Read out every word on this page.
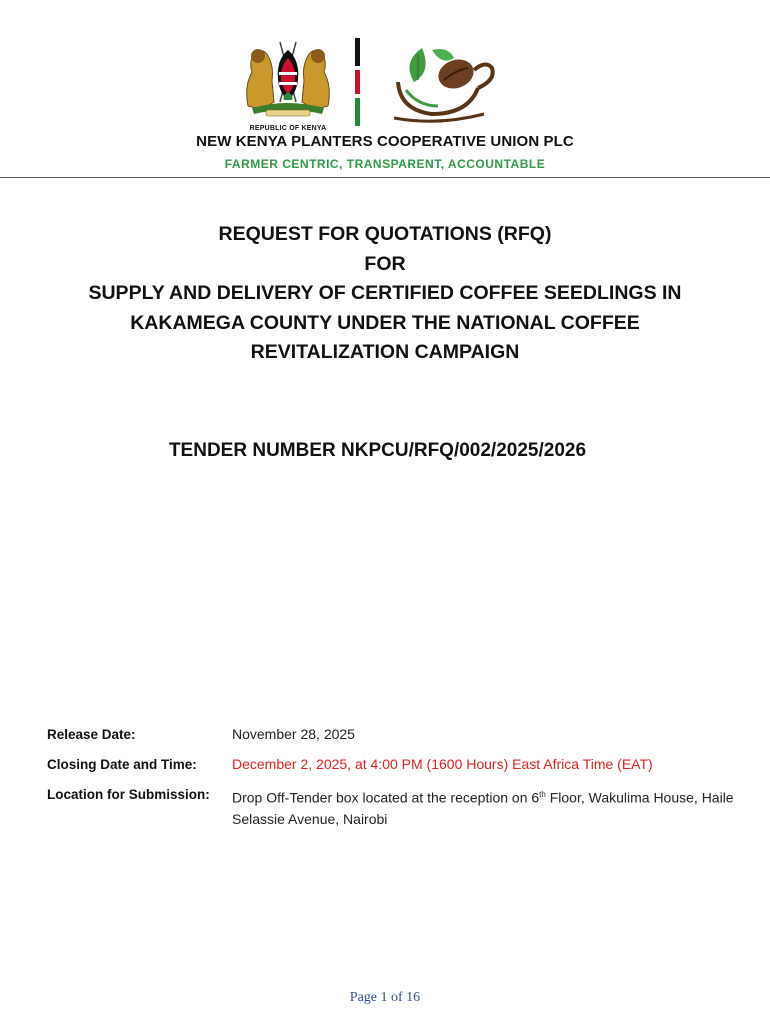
REPUBLIC OF KENYA
NEW KENYA PLANTERS COOPERATIVE UNION PLC
FARMER CENTRIC, TRANSPARENT, ACCOUNTABLE
REQUEST FOR QUOTATIONS (RFQ)
FOR
SUPPLY AND DELIVERY OF CERTIFIED COFFEE SEEDLINGS IN
KAKAMEGA COUNTY UNDER THE NATIONAL COFFEE
REVITALIZATION CAMPAIGN
TENDER NUMBER NKPCU/RFQ/002/2025/2026
Release Date:	November 28, 2025
Closing Date and Time:	December 2, 2025, at 4:00 PM (1600 Hours) East Africa Time (EAT)
Location for Submission:	Drop Off-Tender box located at the reception on 6th Floor, Wakulima House, Haile Selassie Avenue, Nairobi
Page 1 of 16
